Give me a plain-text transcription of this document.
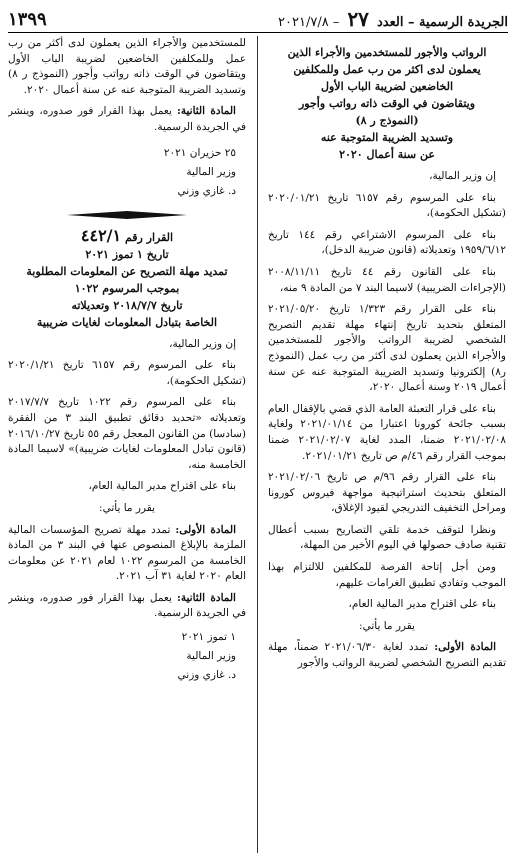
الجريدة الرسمية – العدد ٢٧ – ٢٠٢١/٧/٨
١٣٩٩
الرواتب والأجور للمستخدمين والأجراء الذين
يعملون لدى اكثر من رب عمل وللمكلفين
الخاضعين لضريبة الباب الأول
ويتقاضون في الوقت ذاته رواتب وأجور
(النموذج ر ٨)
وتسديد الضريبة المتوجبة عنه
عن سنة أعمال ٢٠٢٠

إن وزير المالية،

بناء على المرسوم رقم ٦١٥٧ تاريخ ٢٠٢٠/٠١/٢١ (تشكيل الحكومة)،

بناء على المرسوم الاشتراعي رقم ١٤٤ تاريخ ١٩٥٩/٦/١٢ وتعديلاته (قانون ضريبة الدخل)،

بناء على القانون رقم ٤٤ تاريخ ٢٠٠٨/١١/١١ (الإجراءات الضريبية) لاسيما البند ٧ من المادة ٩ منه،

بناء على القرار رقم ١/٣٢٣ تاريخ ٢٠٢١/٠٥/٢٠ المتعلق بتحديد تاريخ إنتهاء مهلة تقديم التصريح الشخصي لضريبة الرواتب والأجور للمستخدمين والأجراء الذين يعملون لدى أكثر من رب عمل (النموذج ر٨) إلكترونيا وتسديد الضريبة المتوجبة عنه عن سنة أعمال ٢٠١٩ وسنة أعمال ٢٠٢٠،

بناء على قرار التعبئة العامة الذي قضي بالإقفال العام بسبب جائحة كورونا اعتبارا من ٢٠٢١/٠١/١٤ ولغاية ٢٠٢١/٠٢/٠٨ ضمنا، المدد لغاية ٢٠٢١/٠٢/٠٧ ضمنا بموجب القرار رقم ٤٦/م ص تاريخ ٢٠٢١/٠١/٢١.

بناء على القرار رقم ٩٦/م ص تاريخ ٢٠٢١/٠٢/٠٦ المتعلق بتحديث استراتيجية مواجهة فيروس كورونا ومراحل التخفيف التدريجي لقيود الإغلاق،

ونظرا لتوقف خدمة تلقي التصاريح بسبب أعطال تقنية صادف حصولها في اليوم الأخير من المهلة،

ومن أجل إتاحة الفرصة للمكلفين للالتزام بهذا الموجب وتفادي تطبيق الغرامات عليهم،

بناء على اقتراح مدير المالية العام،

يقرر ما يأتي:

المادة الأولى: تمدد لغاية ٢٠٢١/٠٦/٣٠ ضمناً، مهلة تقديم التصريح الشخصي لضريبة الرواتب والأجور

للمستخدمين والأجراء الذين يعملون لدى أكثر من رب عمل وللمكلفين الخاضعين لضريبة الباب الأول ويتقاضون في الوقت ذاته رواتب وأجور (النموذج ر ٨) وتسديد الضريبة المتوجبة عنه عن سنة أعمال ٢٠٢٠.

المادة الثانية: يعمل بهذا القرار فور صدوره، وينشر في الجريدة الرسمية.

٢٥ حزيران ٢٠٢١
وزير المالية
د. غازي وزني
القرار رقم ٤٤٢/١
تاريخ ١ تموز ٢٠٢١
تمديد مهلة التصريح عن المعلومات المطلوبة
بموجب المرسوم ١٠٢٢
تاريخ ٢٠١٨/٧/٧ وتعديلاته
الخاصة بتبادل المعلومات لغايات ضريبية

إن وزير المالية،

بناء على المرسوم رقم ٦١٥٧ تاريخ ٢٠٢٠/١/٢١ (تشكيل الحكومة)،

بناء على المرسوم رقم ١٠٢٢ تاريخ ٢٠١٧/٧/٧ وتعديلاته «تحديد دقائق تطبيق البند ٣ من الفقرة (سادسا) من القانون المعجل رقم ٥٥ تاريخ ٢٠١٦/١٠/٢٧ (قانون تبادل المعلومات لغايات ضريبية)» لاسيما المادة الخامسة منه،

بناء على اقتراح مدير المالية العام،

يقرر ما يأتي:

المادة الأولى: تمدد مهلة تصريح المؤسسات المالية الملزمة بالإبلاغ المنصوص عنها في البند ٣ من المادة الخامسة من المرسوم ١٠٢٢ لعام ٢٠٢١ عن معلومات العام ٢٠٢٠ لغاية ٣١ آب ٢٠٢١.

المادة الثانية: يعمل بهذا القرار فور صدوره، وينشر في الجريدة الرسمية.

١ تموز ٢٠٢١
وزير المالية
د. غازي وزني
